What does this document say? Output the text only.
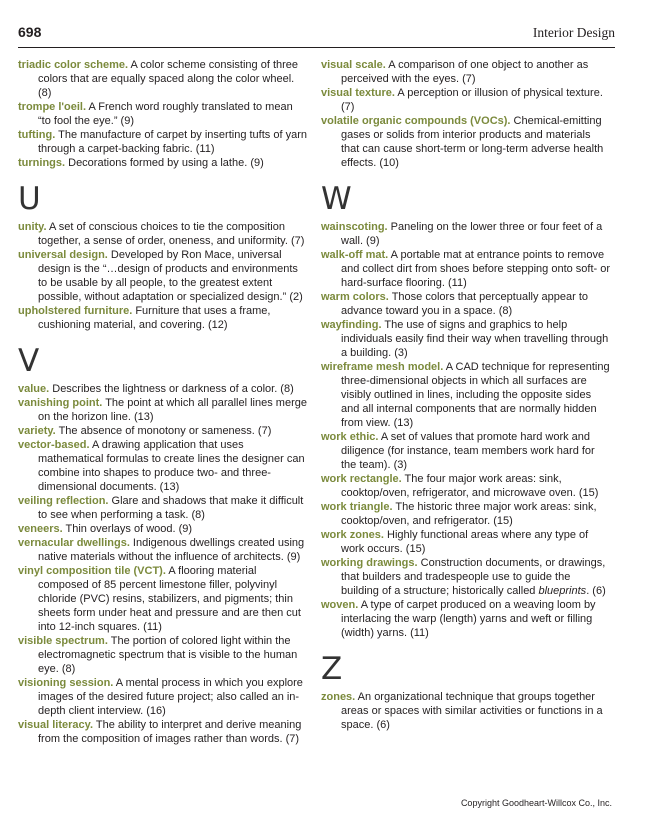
698	Interior Design

triadic color scheme. A color scheme consisting of three colors that are equally spaced along the color wheel. (8)

trompe l'oeil. A French word roughly translated to mean “to fool the eye.” (9)

tufting. The manufacture of carpet by inserting tufts of yarn through a carpet-backing fabric. (11)

turnings. Decorations formed by using a lathe. (9)

U

unity. A set of conscious choices to tie the composition together, a sense of order, oneness, and uniformity. (7)

universal design. Developed by Ron Mace, universal design is the “…design of products and environments to be usable by all people, to the greatest extent possible, without adaptation or specialized design.” (2)

upholstered furniture. Furniture that uses a frame, cushioning material, and covering. (12)

V

value. Describes the lightness or darkness of a color. (8)

vanishing point. The point at which all parallel lines merge on the horizon line. (13)

variety. The absence of monotony or sameness. (7)

vector-based. A drawing application that uses mathematical formulas to create lines the designer can combine into shapes to produce two- and three-dimensional documents. (13)

veiling reflection. Glare and shadows that make it difficult to see when performing a task. (8)

veneers. Thin overlays of wood. (9)

vernacular dwellings. Indigenous dwellings created using native materials without the influence of architects. (9)

vinyl composition tile (VCT). A flooring material composed of 85 percent limestone filler, polyvinyl chloride (PVC) resins, stabilizers, and pigments; thin sheets form under heat and pressure and are then cut into 12-inch squares. (11)

visible spectrum. The portion of colored light within the electromagnetic spectrum that is visible to the human eye. (8)

visioning session. A mental process in which you explore images of the desired future project; also called an in-depth client interview. (16)

visual literacy. The ability to interpret and derive meaning from the composition of images rather than words. (7)

visual scale. A comparison of one object to another as perceived with the eyes. (7)

visual texture. A perception or illusion of physical texture. (7)

volatile organic compounds (VOCs). Chemical-emitting gases or solids from interior products and materials that can cause short-term or long-term adverse health effects. (10)

W

wainscoting. Paneling on the lower three or four feet of a wall. (9)

walk-off mat. A portable mat at entrance points to remove and collect dirt from shoes before stepping onto soft- or hard-surface flooring. (11)

warm colors. Those colors that perceptually appear to advance toward you in a space. (8)

wayfinding. The use of signs and graphics to help individuals easily find their way when travelling through a building. (3)

wireframe mesh model. A CAD technique for representing three-dimensional objects in which all surfaces are visibly outlined in lines, including the opposite sides and all internal components that are normally hidden from view. (13)

work ethic. A set of values that promote hard work and diligence (for instance, team members work hard for the team). (3)

work rectangle. The four major work areas: sink, cooktop/oven, refrigerator, and microwave oven. (15)

work triangle. The historic three major work areas: sink, cooktop/oven, and refrigerator. (15)

work zones. Highly functional areas where any type of work occurs. (15)

working drawings. Construction documents, or drawings, that builders and tradespeople use to guide the building of a structure; historically called blueprints. (6)

woven. A type of carpet produced on a weaving loom by interlacing the warp (length) yarns and weft or filling (width) yarns. (11)

Z

zones. An organizational technique that groups together areas or spaces with similar activities or functions in a space. (6)

Copyright Goodheart-Willcox Co., Inc.
